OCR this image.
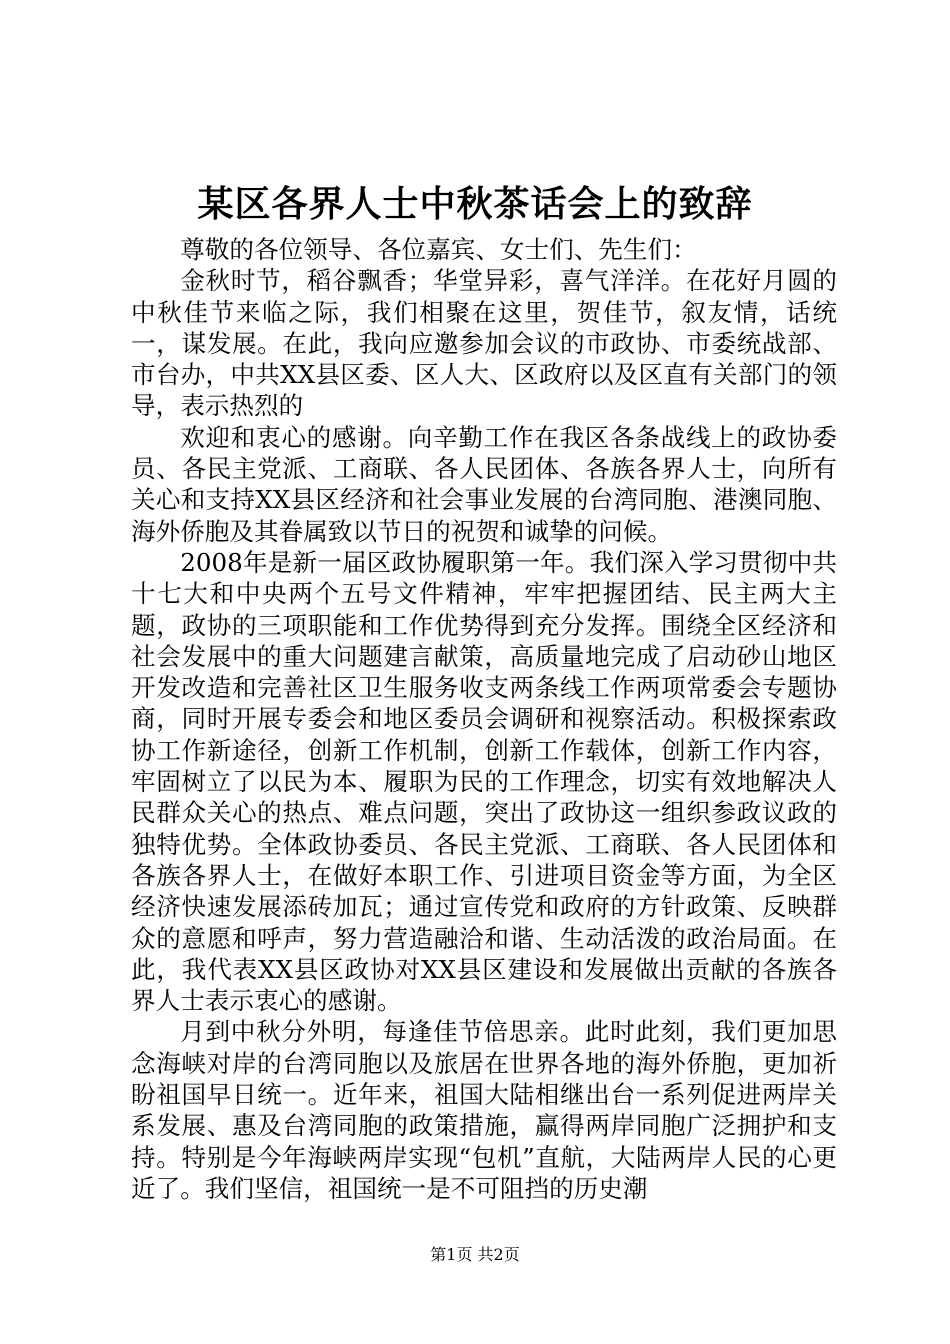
某区各界人士中秋茶话会上的致辞

尊敬的各位领导、各位嘉宾、女士们、先生们：

金秋时节，稻谷飘香；华堂异彩，喜气洋洋。在花好月圆的中秋佳节来临之际，我们相聚在这里，贺佳节，叙友情，话统一，谋发展。在此，我向应邀参加会议的市政协、市委统战部、市台办，中共XX县区委、区人大、区政府以及区直有关部门的领导，表示热烈的

欢迎和衷心的感谢。向辛勤工作在我区各条战线上的政协委员、各民主党派、工商联、各人民团体、各族各界人士，向所有关心和支持XX县区经济和社会事业发展的台湾同胞、港澳同胞、海外侨胞及其眷属致以节日的祝贺和诚挚的问候。

2008年是新一届区政协履职第一年。我们深入学习贯彻中共十七大和中央两个五号文件精神，牢牢把握团结、民主两大主题，政协的三项职能和工作优势得到充分发挥。围绕全区经济和社会发展中的重大问题建言献策，高质量地完成了启动砂山地区开发改造和完善社区卫生服务收支两条线工作两项常委会专题协商，同时开展专委会和地区委员会调研和视察活动。积极探索政协工作新途径，创新工作机制，创新工作载体，创新工作内容，牢固树立了以民为本、履职为民的工作理念，切实有效地解决人民群众关心的热点、难点问题，突出了政协这一组织参政议政的独特优势。全体政协委员、各民主党派、工商联、各人民团体和各族各界人士，在做好本职工作、引进项目资金等方面，为全区经济快速发展添砖加瓦；通过宣传党和政府的方针政策、反映群众的意愿和呼声，努力营造融洽和谐、生动活泼的政治局面。在此，我代表XX县区政协对XX县区建设和发展做出贡献的各族各界人士表示衷心的感谢。

月到中秋分外明，每逢佳节倍思亲。此时此刻，我们更加思念海峡对岸的台湾同胞以及旅居在世界各地的海外侨胞，更加祈盼祖国早日统一。近年来，祖国大陆相继出台一系列促进两岸关系发展、惠及台湾同胞的政策措施，赢得两岸同胞广泛拥护和支持。特别是今年海峡两岸实现“包机”直航，大陆两岸人民的心更近了。我们坚信，祖国统一是不可阻挡的历史潮

第1页 共2页
